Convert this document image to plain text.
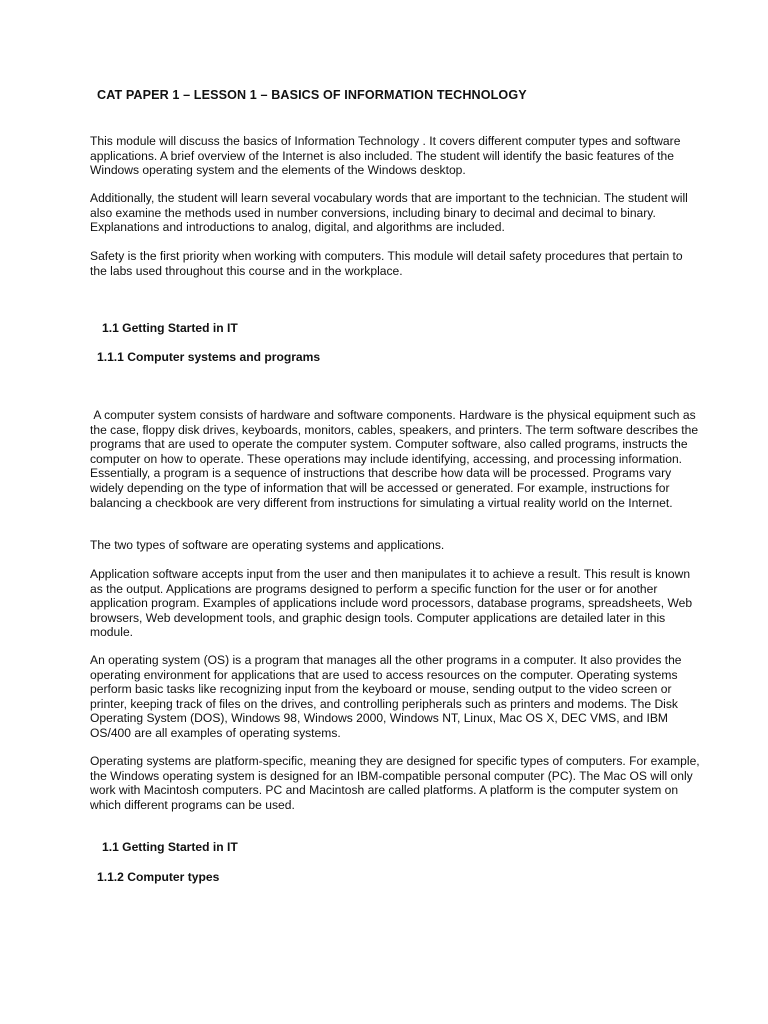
CAT PAPER 1 – LESSON 1 – BASICS OF INFORMATION TECHNOLOGY

This module will discuss the basics of Information Technology . It covers different computer types and software applications. A brief overview of the Internet is also included. The student will identify the basic features of the Windows operating system and the elements of the Windows desktop.

Additionally, the student will learn several vocabulary words that are important to the technician. The student will also examine the methods used in number conversions, including binary to decimal and decimal to binary. Explanations and introductions to analog, digital, and algorithms are included.

Safety is the first priority when working with computers. This module will detail safety procedures that pertain to the labs used throughout this course and in the workplace.

1.1 Getting Started in IT
1.1.1 Computer systems and programs

A computer system consists of hardware and software components. Hardware is the physical equipment such as the case, floppy disk drives, keyboards, monitors, cables, speakers, and printers. The term software describes the programs that are used to operate the computer system. Computer software, also called programs, instructs the computer on how to operate. These operations may include identifying, accessing, and processing information. Essentially, a program is a sequence of instructions that describe how data will be processed. Programs vary widely depending on the type of information that will be accessed or generated. For example, instructions for balancing a checkbook are very different from instructions for simulating a virtual reality world on the Internet.

The two types of software are operating systems and applications.

Application software accepts input from the user and then manipulates it to achieve a result. This result is known as the output. Applications are programs designed to perform a specific function for the user or for another application program. Examples of applications include word processors, database programs, spreadsheets, Web browsers, Web development tools, and graphic design tools. Computer applications are detailed later in this module.

An operating system (OS) is a program that manages all the other programs in a computer. It also provides the operating environment for applications that are used to access resources on the computer. Operating systems perform basic tasks like recognizing input from the keyboard or mouse, sending output to the video screen or printer, keeping track of files on the drives, and controlling peripherals such as printers and modems. The Disk Operating System (DOS), Windows 98, Windows 2000, Windows NT, Linux, Mac OS X, DEC VMS, and IBM OS/400 are all examples of operating systems.

Operating systems are platform-specific, meaning they are designed for specific types of computers. For example, the Windows operating system is designed for an IBM-compatible personal computer (PC). The Mac OS will only work with Macintosh computers. PC and Macintosh are called platforms. A platform is the computer system on which different programs can be used.

1.1 Getting Started in IT
1.1.2 Computer types
